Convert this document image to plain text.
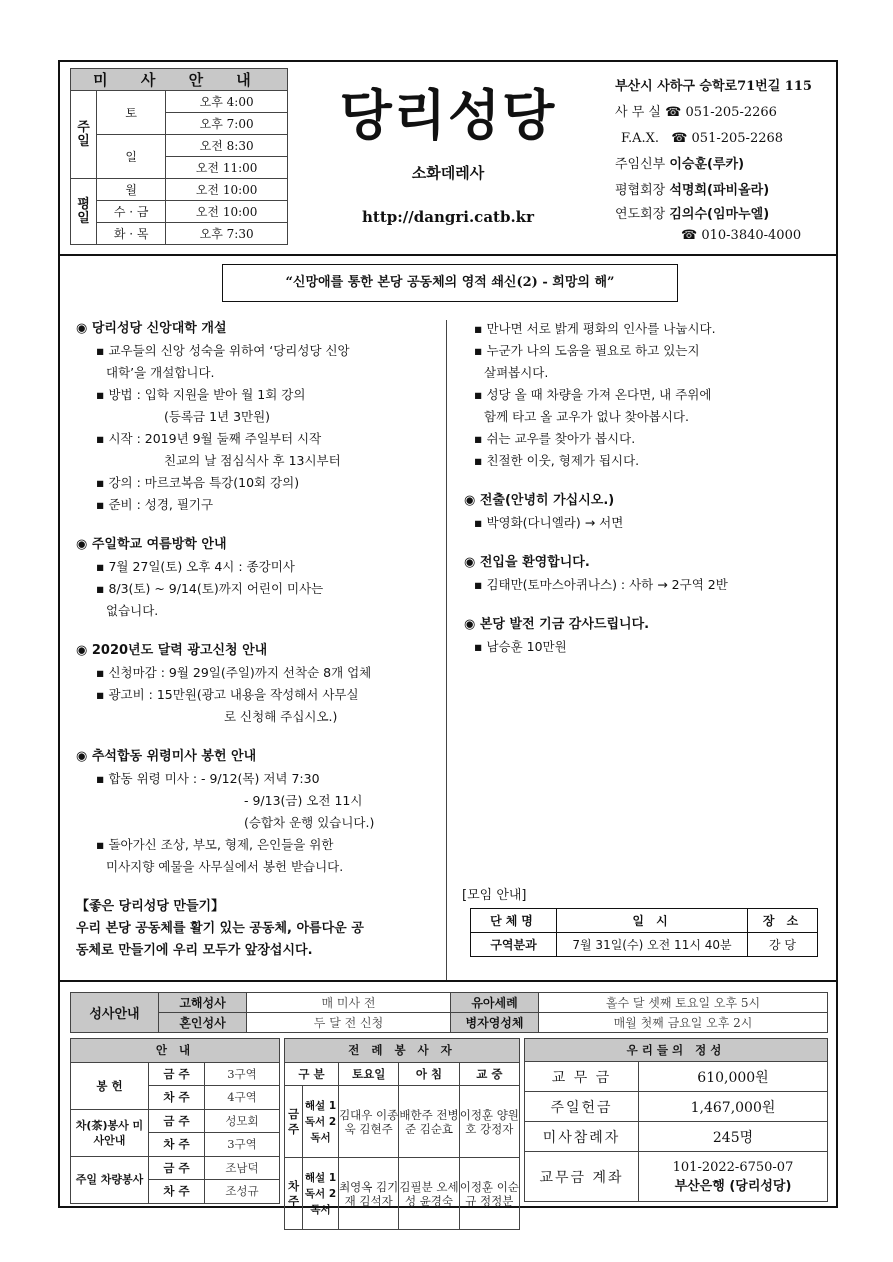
미 사 안 내		
주일	토	오후 4:00
		오후 7:00
	일	오전 8:30
		오전 11:00
평일	월	오전 10:00
	수 · 금	오전 10:00
	화 · 목	오후 7:30
당리성당
소화데레사
http://dangri.catb.kr
부산시 사하구 승학로71번길 115
사 무 실 ☎ 051-205-2266
F.A.X. ☎ 051-205-2268
주임신부 이승훈(루카)
평협회장 석명희(파비올라)
연도회장 김의수(임마누엘)
☎ 010-3840-4000
“신망애를 통한 본당 공동체의 영적 쇄신(2) - 희망의 해”
◉ 당리성당 신앙대학 개설
▪ 교우들의 신앙 성숙을 위하여 ‘당리성당 신앙
대학’을 개설합니다.
▪ 방법 : 입학 지원을 받아 월 1회 강의
(등록금 1년 3만원)
▪ 시작 : 2019년 9월 둘째 주일부터 시작
친교의 날 점심식사 후 13시부터
▪ 강의 : 마르코복음 특강(10회 강의)
▪ 준비 : 성경, 필기구
◉ 주일학교 여름방학 안내
▪ 7월 27일(토) 오후 4시 : 종강미사
▪ 8/3(토) ~ 9/14(토)까지 어린이 미사는
없습니다.
◉ 2020년도 달력 광고신청 안내
▪ 신청마감 : 9월 29일(주일)까지 선착순 8개 업체
▪ 광고비 : 15만원(광고 내용을 작성해서 사무실
로 신청해 주십시오.)
◉ 추석합동 위령미사 봉헌 안내
▪ 합동 위령 미사 : - 9/12(목) 저녁 7:30
- 9/13(금) 오전 11시
(승합차 운행 있습니다.)
▪ 돌아가신 조상, 부모, 형제, 은인들을 위한
미사지향 예물을 사무실에서 봉헌 받습니다.
【좋은 당리성당 만들기】
우리 본당 공동체를 활기 있는 공동체, 아름다운 공
동체로 만들기에 우리 모두가 앞장섭시다.
▪ 만나면 서로 밝게 평화의 인사를 나눕시다.
▪ 누군가 나의 도움을 필요로 하고 있는지
살펴봅시다.
▪ 성당 올 때 차량을 가져 온다면, 내 주위에
함께 타고 올 교우가 없나 찾아봅시다.
▪ 쉬는 교우를 찾아가 봅시다.
▪ 친절한 이웃, 형제가 됩시다.
◉ 전출(안녕히 가십시오.)
▪ 박영화(다니엘라) → 서면
◉ 전입을 환영합니다.
▪ 김태만(토마스아퀴나스) : 사하 → 2구역 2반
◉ 본당 발전 기금 감사드립니다.
▪ 남승훈 10만원
[모임 안내]
단체명	일 시	장 소
구역분과	7월 31일(수) 오전 11시 40분	강 당
성사안내	고해성사	매 미사 전	유아세례	홀수 달 셋째 토요일 오후 5시
	혼인성사	두 달 전 신청	병자영성체	매월 첫째 금요일 오후 2시
안 내		
봉 헌	금 주	3구역
	차 주	4구역
차(茶)봉사 미사안내	금 주	성모회
	차 주	3구역
주일 차량봉사	금 주	조남덕
	차 주	조성규
전 례 봉 사 자				
구 분		토요일	아 침	교 중
금주	해설 1독서 2독서	김대우 이종욱 김현주	배한주 전병준 김순효	이정훈 양원호 강정자
차주	해설 1독서 2독서	최영옥 김기재 김석자	김필분 오세성 윤경숙	이정훈 이순규 정정분
우리들의 정성	
교 무 금	610,000원
주일헌금	1,467,000원
미사참례자	245명
교무금 계좌	101-2022-6750-07
부산은행 (당리성당)
